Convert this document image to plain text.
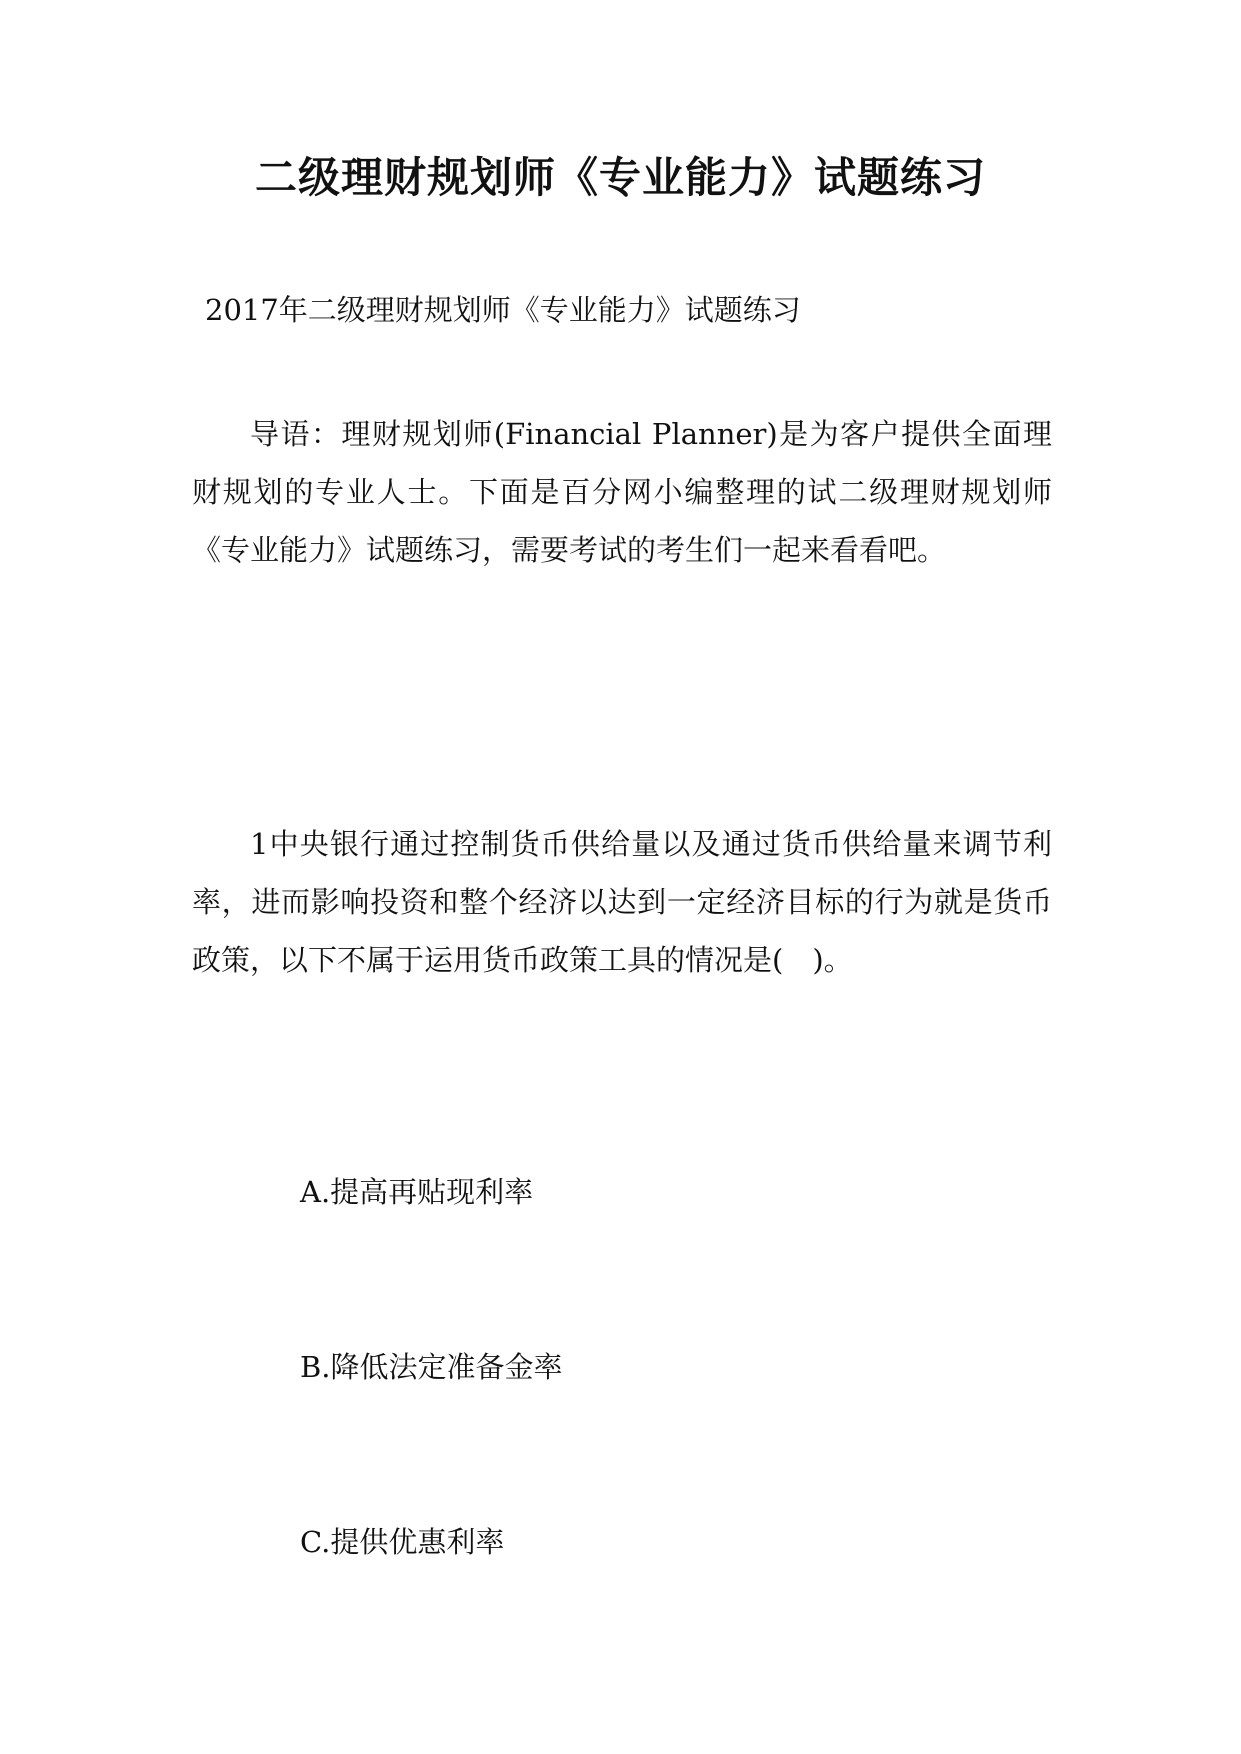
二级理财规划师《专业能力》试题练习

2017年二级理财规划师《专业能力》试题练习

导语：理财规划师(Financial Planner)是为客户提供全面理财规划的专业人士。下面是百分网小编整理的试二级理财规划师《专业能力》试题练习，需要考试的考生们一起来看看吧。

1中央银行通过控制货币供给量以及通过货币供给量来调节利率，进而影响投资和整个经济以达到一定经济目标的行为就是货币政策，以下不属于运用货币政策工具的情况是(　)。

A.提高再贴现利率

B.降低法定准备金率

C.提供优惠利率
